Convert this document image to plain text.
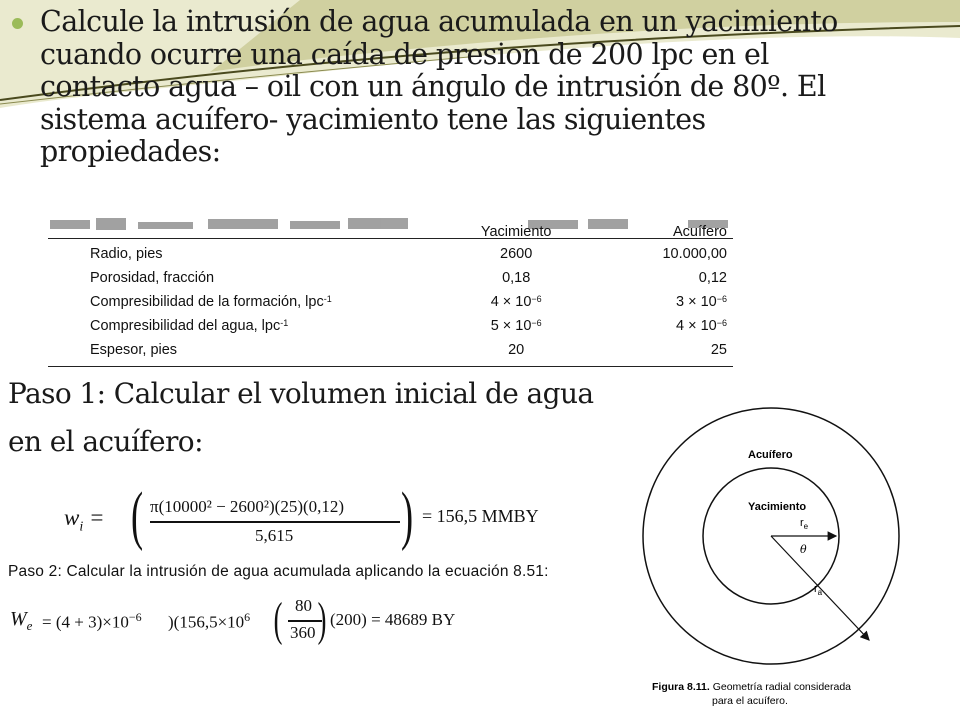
Calcule la intrusión de agua acumulada en un yacimiento cuando ocurre una caída de presion de 200 lpc en el contacto agua – oil con un ángulo de intrusión de 80º. El sistema acuífero- yacimiento tene las siguientes propiedades:
	Yacimiento	Acuífero
Radio, pies	2600	10.000,00
Porosidad, fracción	0,18	0,12
Compresibilidad de la formación, lpc$^{-1}$	$4 \times 10^{-6}$	$3 \times 10^{-6}$
Compresibilidad del agua, lpc$^{-1}$	$5 \times 10^{-6}$	$4 \times 10^{-6}$
Espesor, pies	20	25
Paso 1: Calcular el volumen inicial de agua
en el acuífero:
$w_i$ = ( π(10000² − 2600²)(25)(0,12)
5,615 ) = 156,5 MMBY
Paso 2: Calcular la intrusión de agua acumulada aplicando la ecuación 8.51:
$W_e = (4 + 3)\times 10^{-6}$ )($156,5\times 10^6$ ( 80
360 ) (200) = 48689 BY
Acuífero
Yacimiento
$r_e$
θ
$r_a$
Figura 8.11. Geometría radial considerada
para el acuífero.
